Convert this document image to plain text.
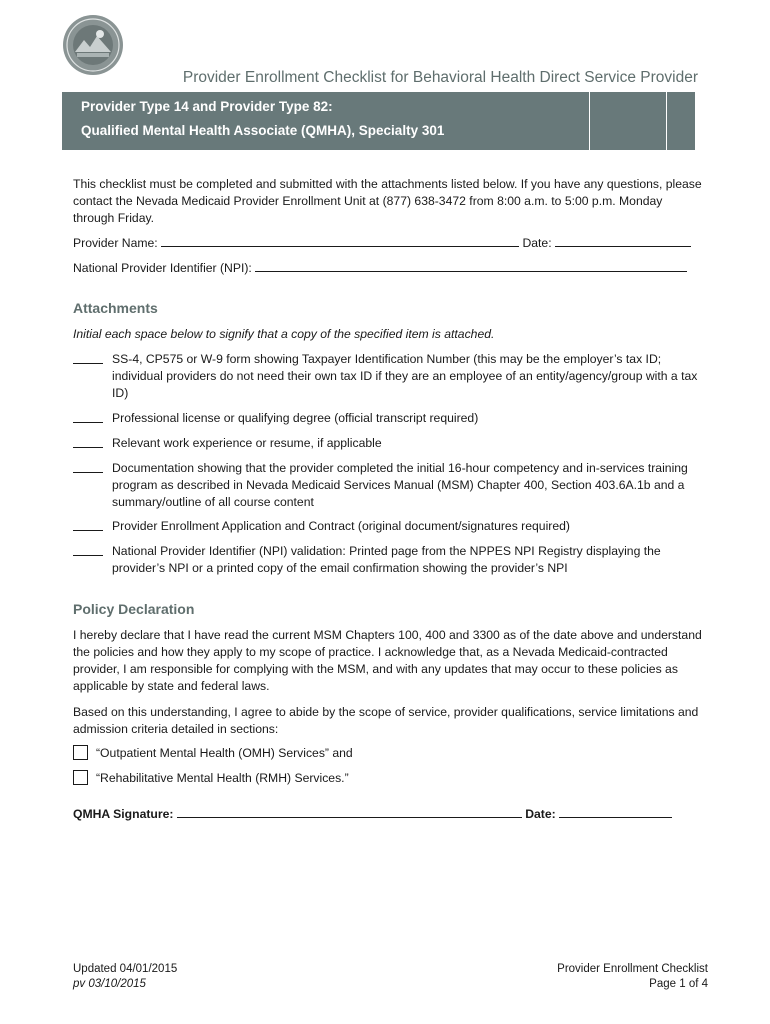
Provider Enrollment Checklist for Behavioral Health Direct Service Provider
Provider Type 14 and Provider Type 82:
Qualified Mental Health Associate (QMHA), Specialty 301
This checklist must be completed and submitted with the attachments listed below. If you have any questions, please contact the Nevada Medicaid Provider Enrollment Unit at (877) 638-3472 from 8:00 a.m. to 5:00 p.m. Monday through Friday.
Provider Name:	Date:
National Provider Identifier (NPI):
Attachments
Initial each space below to signify that a copy of the specified item is attached.
SS-4, CP575 or W-9 form showing Taxpayer Identification Number (this may be the employer’s tax ID; individual providers do not need their own tax ID if they are an employee of an entity/agency/group with a tax ID)
Professional license or qualifying degree (official transcript required)
Relevant work experience or resume, if applicable
Documentation showing that the provider completed the initial 16-hour competency and in-services training program as described in Nevada Medicaid Services Manual (MSM) Chapter 400, Section 403.6A.1b and a summary/outline of all course content
Provider Enrollment Application and Contract (original document/signatures required)
National Provider Identifier (NPI) validation: Printed page from the NPPES NPI Registry displaying the provider’s NPI or a printed copy of the email confirmation showing the provider’s NPI
Policy Declaration
I hereby declare that I have read the current MSM Chapters 100, 400 and 3300 as of the date above and understand the policies and how they apply to my scope of practice. I acknowledge that, as a Nevada Medicaid-contracted provider, I am responsible for complying with the MSM, and with any updates that may occur to these policies as applicable by state and federal laws.
Based on this understanding, I agree to abide by the scope of service, provider qualifications, service limitations and admission criteria detailed in sections:
“Outpatient Mental Health (OMH) Services” and
“Rehabilitative Mental Health (RMH) Services.”
QMHA Signature:	Date:
Updated 04/01/2015
pv 03/10/2015
Provider Enrollment Checklist
Page 1 of 4
